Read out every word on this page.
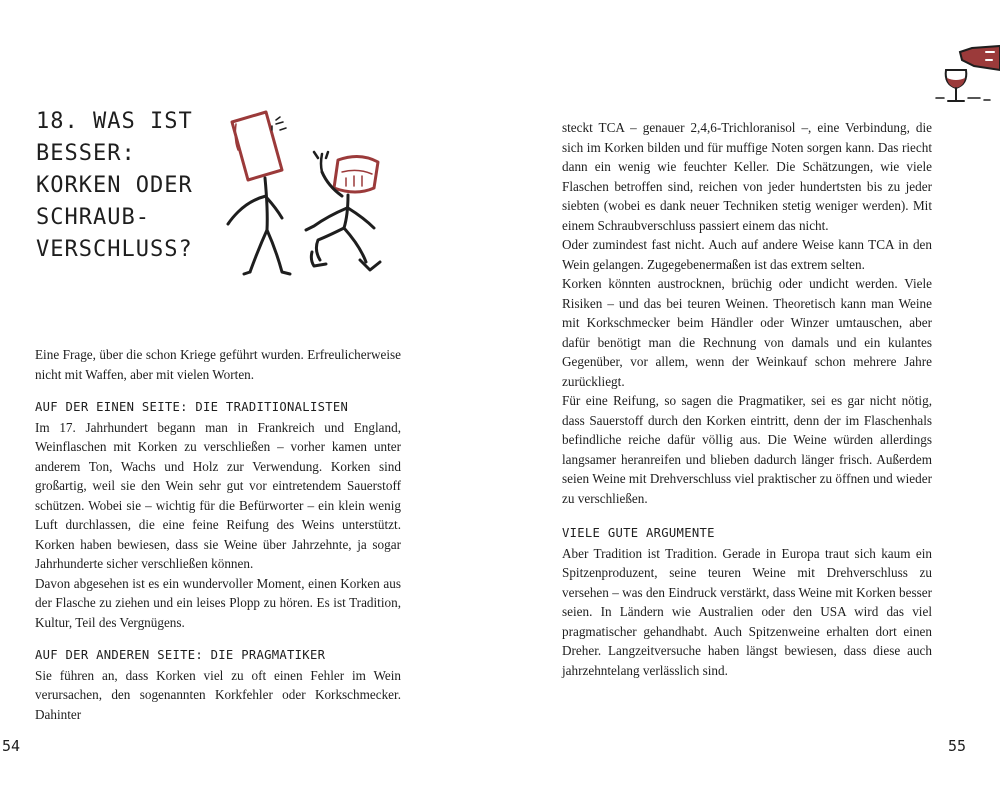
18. WAS IST
BESSER:
KORKEN ODER
SCHRAUB-
VERSCHLUSS?

Eine Frage, über die schon Kriege geführt wurden. Erfreulicherweise nicht mit Waffen, aber mit vielen Worten.

AUF DER EINEN SEITE: DIE TRADITIONALISTEN

Im 17. Jahrhundert begann man in Frankreich und England, Weinflaschen mit Korken zu verschließen – vorher kamen unter anderem Ton, Wachs und Holz zur Verwendung. Korken sind großartig, weil sie den Wein sehr gut vor eintretendem Sauerstoff schützen. Wobei sie – wichtig für die Befürworter – ein klein wenig Luft durchlassen, die eine feine Reifung des Weins unterstützt. Korken haben bewiesen, dass sie Weine über Jahrzehnte, ja sogar Jahrhunderte sicher verschließen können.

Davon abgesehen ist es ein wundervoller Moment, einen Korken aus der Flasche zu ziehen und ein leises Plopp zu hören. Es ist Tradition, Kultur, Teil des Vergnügens.

AUF DER ANDEREN SEITE: DIE PRAGMATIKER

Sie führen an, dass Korken viel zu oft einen Fehler im Wein verursachen, den sogenannten Korkfehler oder Korkschmecker. Dahinter

54

steckt TCA – genauer 2,4,6-Trichloranisol –, eine Verbindung, die sich im Korken bilden und für muffige Noten sorgen kann. Das riecht dann ein wenig wie feuchter Keller. Die Schätzungen, wie viele Flaschen betroffen sind, reichen von jeder hundertsten bis zu jeder siebten (wobei es dank neuer Techniken stetig weniger werden). Mit einem Schraubverschluss passiert einem das nicht.

Oder zumindest fast nicht. Auch auf andere Weise kann TCA in den Wein gelangen. Zugegebenermaßen ist das extrem selten.

Korken könnten austrocknen, brüchig oder undicht werden. Viele Risiken – und das bei teuren Weinen. Theoretisch kann man Weine mit Korkschmecker beim Händler oder Winzer umtauschen, aber dafür benötigt man die Rechnung von damals und ein kulantes Gegenüber, vor allem, wenn der Weinkauf schon mehrere Jahre zurückliegt.

Für eine Reifung, so sagen die Pragmatiker, sei es gar nicht nötig, dass Sauerstoff durch den Korken eintritt, denn der im Flaschenhals befindliche reiche dafür völlig aus. Die Weine würden allerdings langsamer heranreifen und blieben dadurch länger frisch. Außerdem seien Weine mit Drehverschluss viel praktischer zu öffnen und wieder zu verschließen.

VIELE GUTE ARGUMENTE

Aber Tradition ist Tradition. Gerade in Europa traut sich kaum ein Spitzenproduzent, seine teuren Weine mit Drehverschluss zu versehen – was den Eindruck verstärkt, dass Weine mit Korken besser seien. In Ländern wie Australien oder den USA wird das viel pragmatischer gehandhabt. Auch Spitzenweine erhalten dort einen Dreher. Langzeitversuche haben längst bewiesen, dass diese auch jahrzehntelang verlässlich sind.

55
